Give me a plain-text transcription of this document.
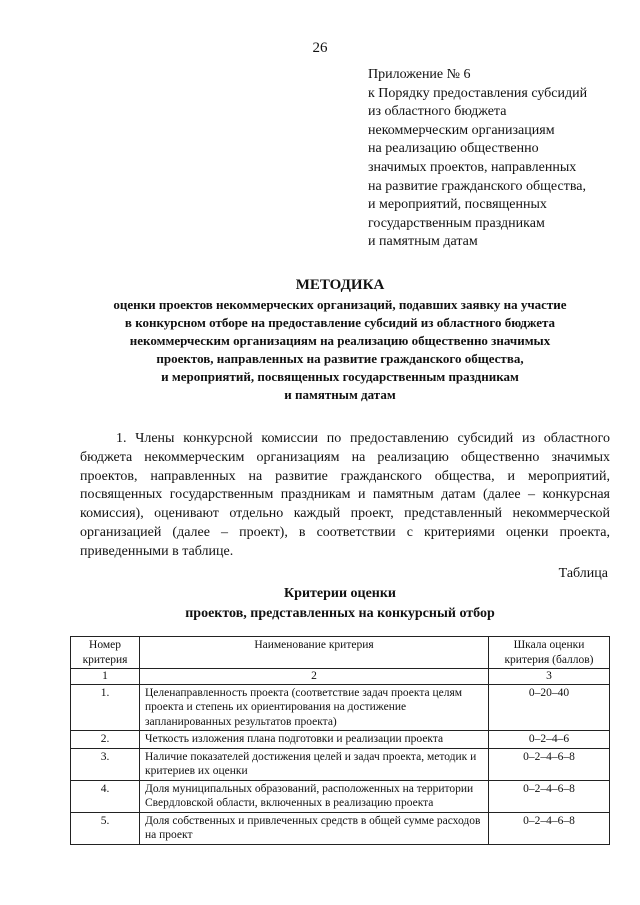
26
Приложение № 6
к Порядку предоставления субсидий
из областного бюджета
некоммерческим организациям
на реализацию общественно
значимых проектов, направленных
на развитие гражданского общества,
и мероприятий, посвященных
государственным праздникам
и памятным датам
МЕТОДИКА
оценки проектов некоммерческих организаций, подавших заявку на участие
в конкурсном отборе на предоставление субсидий из областного бюджета
некоммерческим организациям на реализацию общественно значимых
проектов, направленных на развитие гражданского общества,
и мероприятий, посвященных государственным праздникам
и памятным датам
1. Члены конкурсной комиссии по предоставлению субсидий из областного бюджета некоммерческим организациям на реализацию общественно значимых проектов, направленных на развитие гражданского общества, и мероприятий, посвященных государственным праздникам и памятным датам (далее – конкурсная комиссия), оценивают отдельно каждый проект, представленный некоммерческой организацией (далее – проект), в соответствии с критериями оценки проекта, приведенными в таблице.
Таблица
Критерии оценки
проектов, представленных на конкурсный отбор
Номер критерия	Наименование критерия	Шкала оценки критерия (баллов)
1	2	3
1.	Целенаправленность проекта (соответствие задач проекта целям проекта и степень их ориентирования на достижение запланированных результатов проекта)	0–20–40
2.	Четкость изложения плана подготовки и реализации проекта	0–2–4–6
3.	Наличие показателей достижения целей и задач проекта, методик и критериев их оценки	0–2–4–6–8
4.	Доля муниципальных образований, расположенных на территории Свердловской области, включенных в реализацию проекта	0–2–4–6–8
5.	Доля собственных и привлеченных средств в общей сумме расходов на проект	0–2–4–6–8
